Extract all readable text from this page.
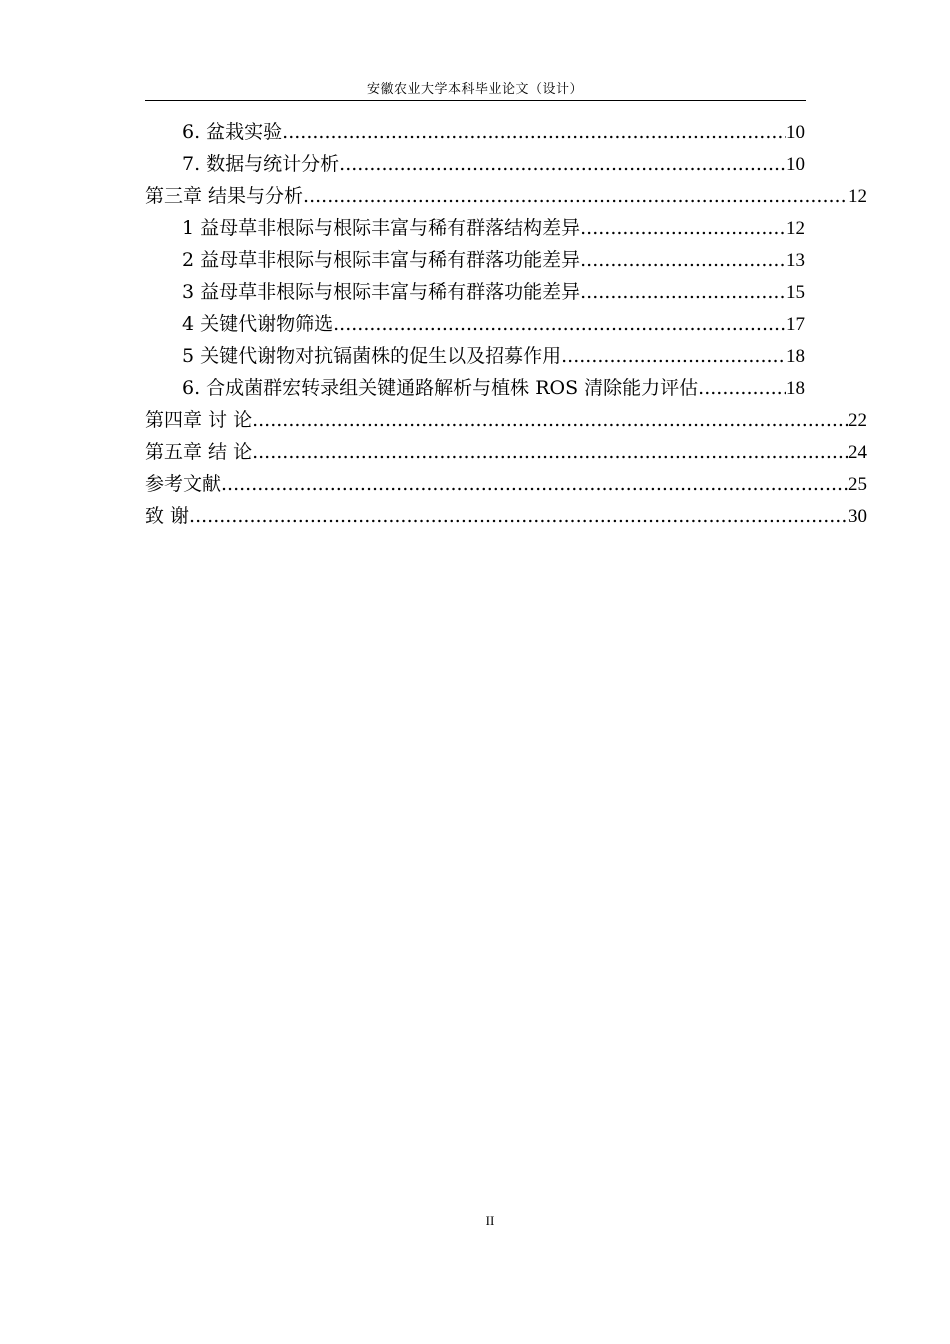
安徽农业大学本科毕业论文（设计）
6. 盆栽实验 .....	10
7. 数据与统计分析 .....	10
第三章 结果与分析 .....	12
1 益母草非根际与根际丰富与稀有群落结构差异 .....	12
2 益母草非根际与根际丰富与稀有群落功能差异 .....	13
3 益母草非根际与根际丰富与稀有群落功能差异 .....	15
4 关键代谢物筛选 .....	17
5 关键代谢物对抗镉菌株的促生以及招募作用 .....	18
6. 合成菌群宏转录组关键通路解析与植株 ROS 清除能力评估 .....	18
第四章 讨 论 .....	22
第五章 结 论 .....	24
参考文献 .....	25
致 谢 .....	30
II
